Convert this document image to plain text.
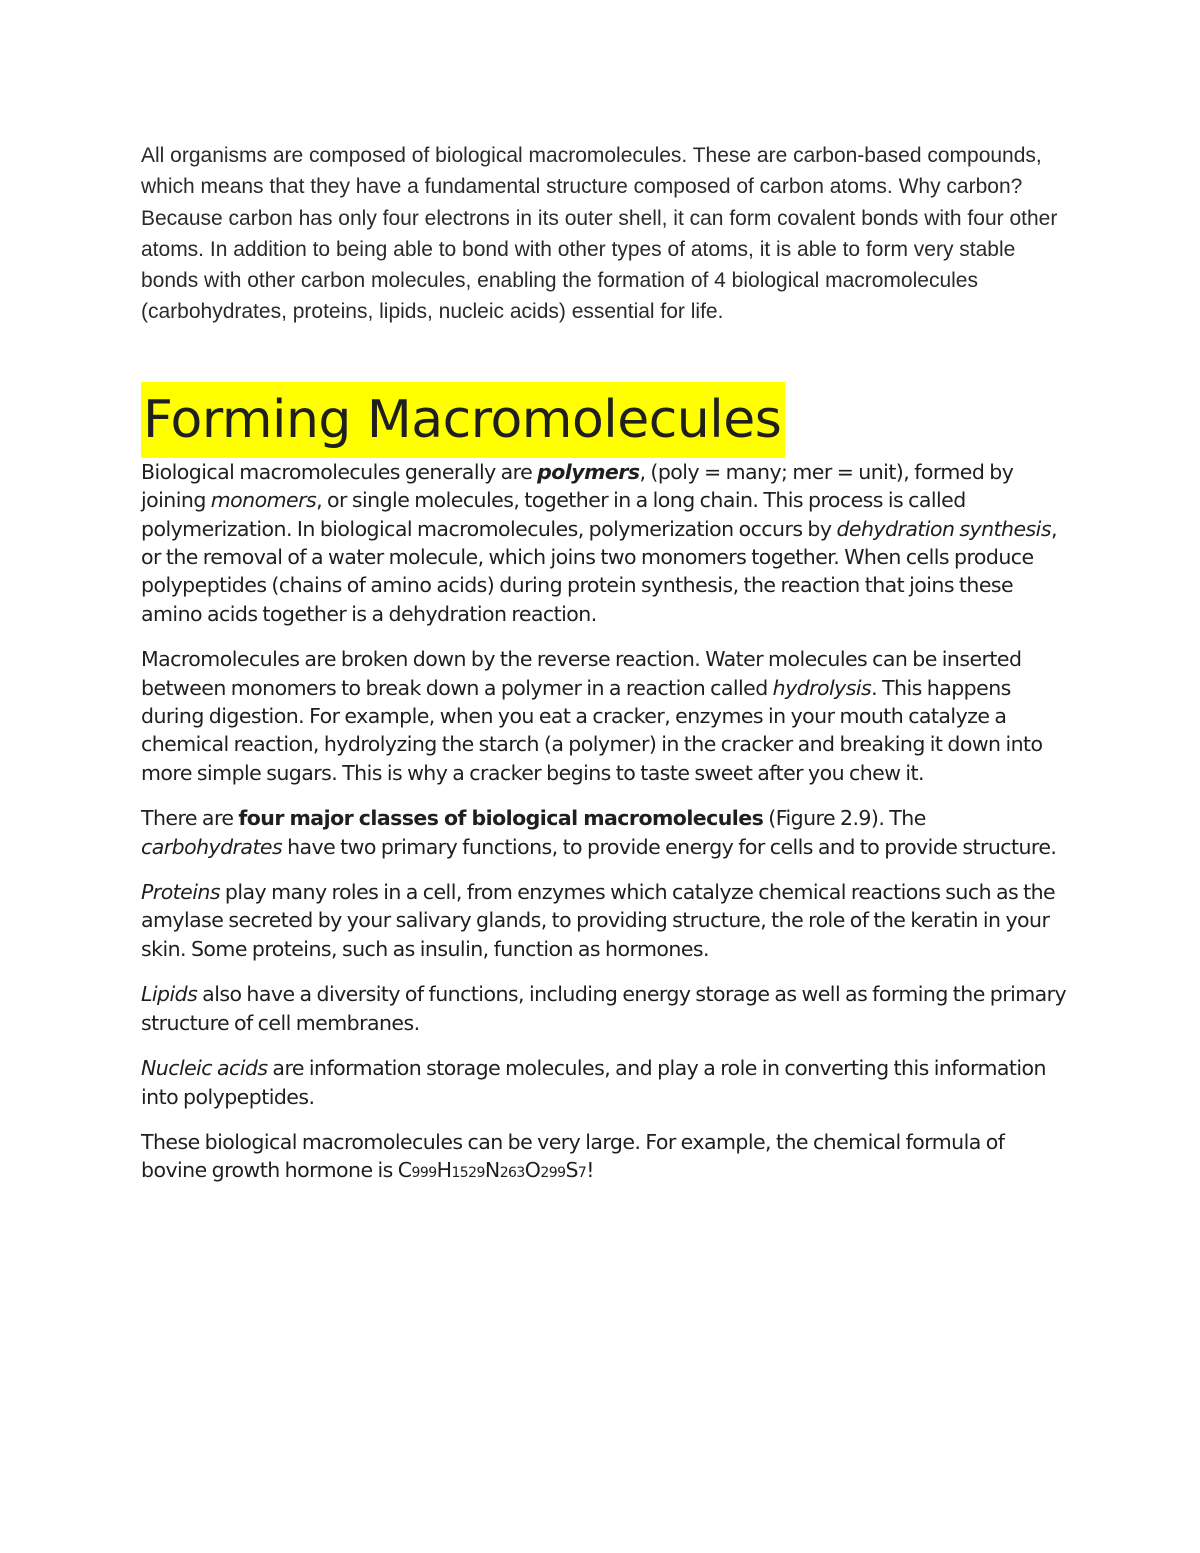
All organisms are composed of biological macromolecules. These are carbon-based compounds, which means that they have a fundamental structure composed of carbon atoms. Why carbon? Because carbon has only four electrons in its outer shell, it can form covalent bonds with four other atoms. In addition to being able to bond with other types of atoms, it is able to form very stable bonds with other carbon molecules, enabling the formation of 4 biological macromolecules (carbohydrates, proteins, lipids, nucleic acids) essential for life.

Forming Macromolecules

Biological macromolecules generally are polymers, (poly = many; mer = unit), formed by joining monomers, or single molecules, together in a long chain. This process is called polymerization. In biological macromolecules, polymerization occurs by dehydration synthesis, or the removal of a water molecule, which joins two monomers together. When cells produce polypeptides (chains of amino acids) during protein synthesis, the reaction that joins these amino acids together is a dehydration reaction.

Macromolecules are broken down by the reverse reaction. Water molecules can be inserted between monomers to break down a polymer in a reaction called hydrolysis. This happens during digestion. For example, when you eat a cracker, enzymes in your mouth catalyze a chemical reaction, hydrolyzing the starch (a polymer) in the cracker and breaking it down into more simple sugars. This is why a cracker begins to taste sweet after you chew it.

There are four major classes of biological macromolecules (Figure 2.9). The carbohydrates have two primary functions, to provide energy for cells and to provide structure.

Proteins play many roles in a cell, from enzymes which catalyze chemical reactions such as the amylase secreted by your salivary glands, to providing structure, the role of the keratin in your skin. Some proteins, such as insulin, function as hormones.

Lipids also have a diversity of functions, including energy storage as well as forming the primary structure of cell membranes.

Nucleic acids are information storage molecules, and play a role in converting this information into polypeptides.

These biological macromolecules can be very large. For example, the chemical formula of bovine growth hormone is C999H1529N263O299S7!
